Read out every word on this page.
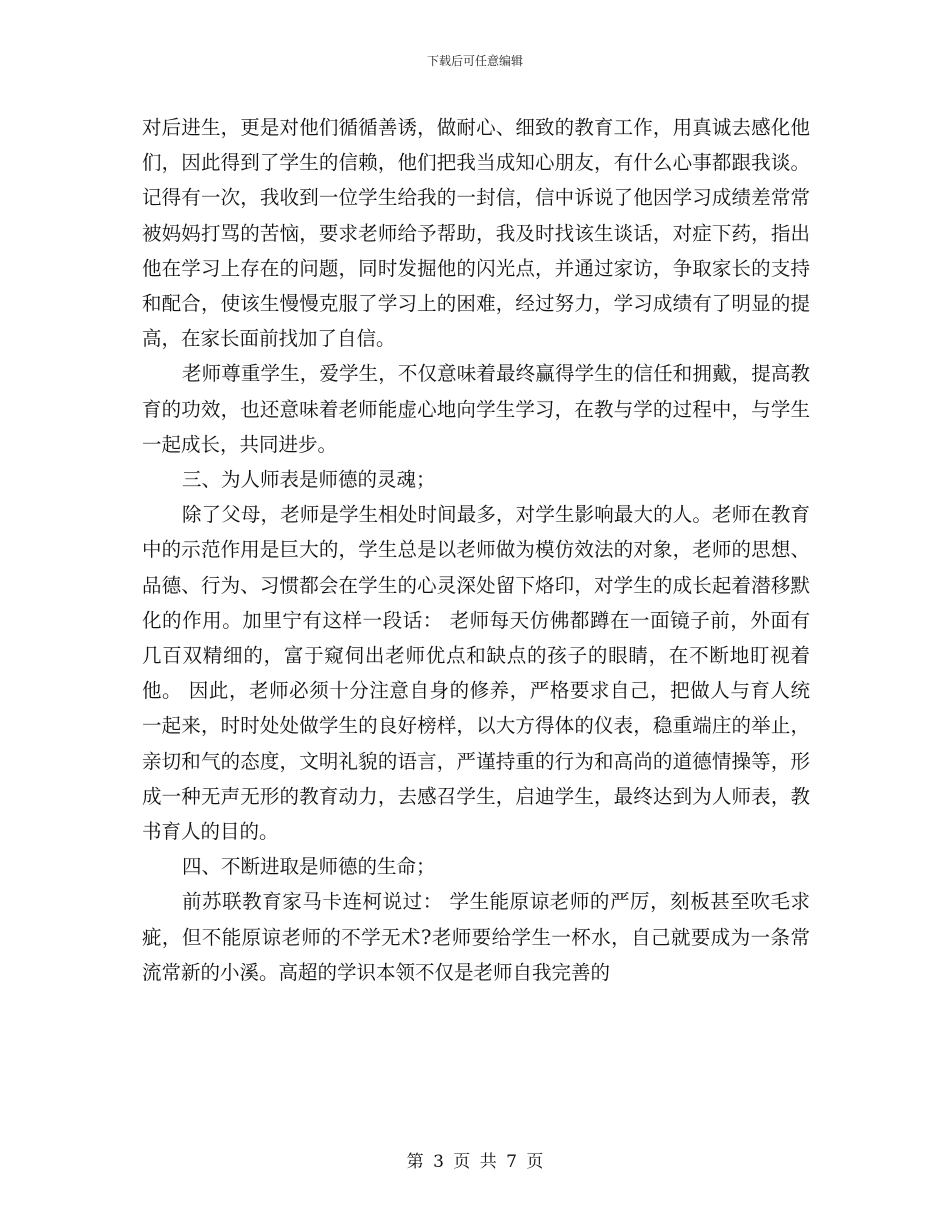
下载后可任意编辑

对后进生，更是对他们循循善诱，做耐心、细致的教育工作，用真诚去感化他们，因此得到了学生的信赖，他们把我当成知心朋友，有什么心事都跟我谈。记得有一次，我收到一位学生给我的一封信，信中诉说了他因学习成绩差常常被妈妈打骂的苦恼，要求老师给予帮助，我及时找该生谈话，对症下药，指出他在学习上存在的问题，同时发掘他的闪光点，并通过家访，争取家长的支持和配合，使该生慢慢克服了学习上的困难，经过努力，学习成绩有了明显的提高，在家长面前找加了自信。

老师尊重学生，爱学生，不仅意味着最终赢得学生的信任和拥戴，提高教育的功效，也还意味着老师能虚心地向学生学习，在教与学的过程中，与学生一起成长，共同进步。

三、为人师表是师德的灵魂；

除了父母，老师是学生相处时间最多，对学生影响最大的人。老师在教育中的示范作用是巨大的，学生总是以老师做为模仿效法的对象，老师的思想、品德、行为、习惯都会在学生的心灵深处留下烙印，对学生的成长起着潜移默化的作用。加里宁有这样一段话： 老师每天仿佛都蹲在一面镜子前，外面有几百双精细的，富于窥伺出老师优点和缺点的孩子的眼睛，在不断地盯视着他。 因此，老师必须十分注意自身的修养，严格要求自己，把做人与育人统一起来，时时处处做学生的良好榜样，以大方得体的仪表，稳重端庄的举止，亲切和气的态度，文明礼貌的语言，严谨持重的行为和高尚的道德情操等，形成一种无声无形的教育动力，去感召学生，启迪学生，最终达到为人师表，教书育人的目的。

四、不断进取是师德的生命；

前苏联教育家马卡连柯说过： 学生能原谅老师的严厉，刻板甚至吹毛求疵，但不能原谅老师的不学无术?老师要给学生一杯水，自己就要成为一条常流常新的小溪。高超的学识本领不仅是老师自我完善的

第 3 页 共 7 页
